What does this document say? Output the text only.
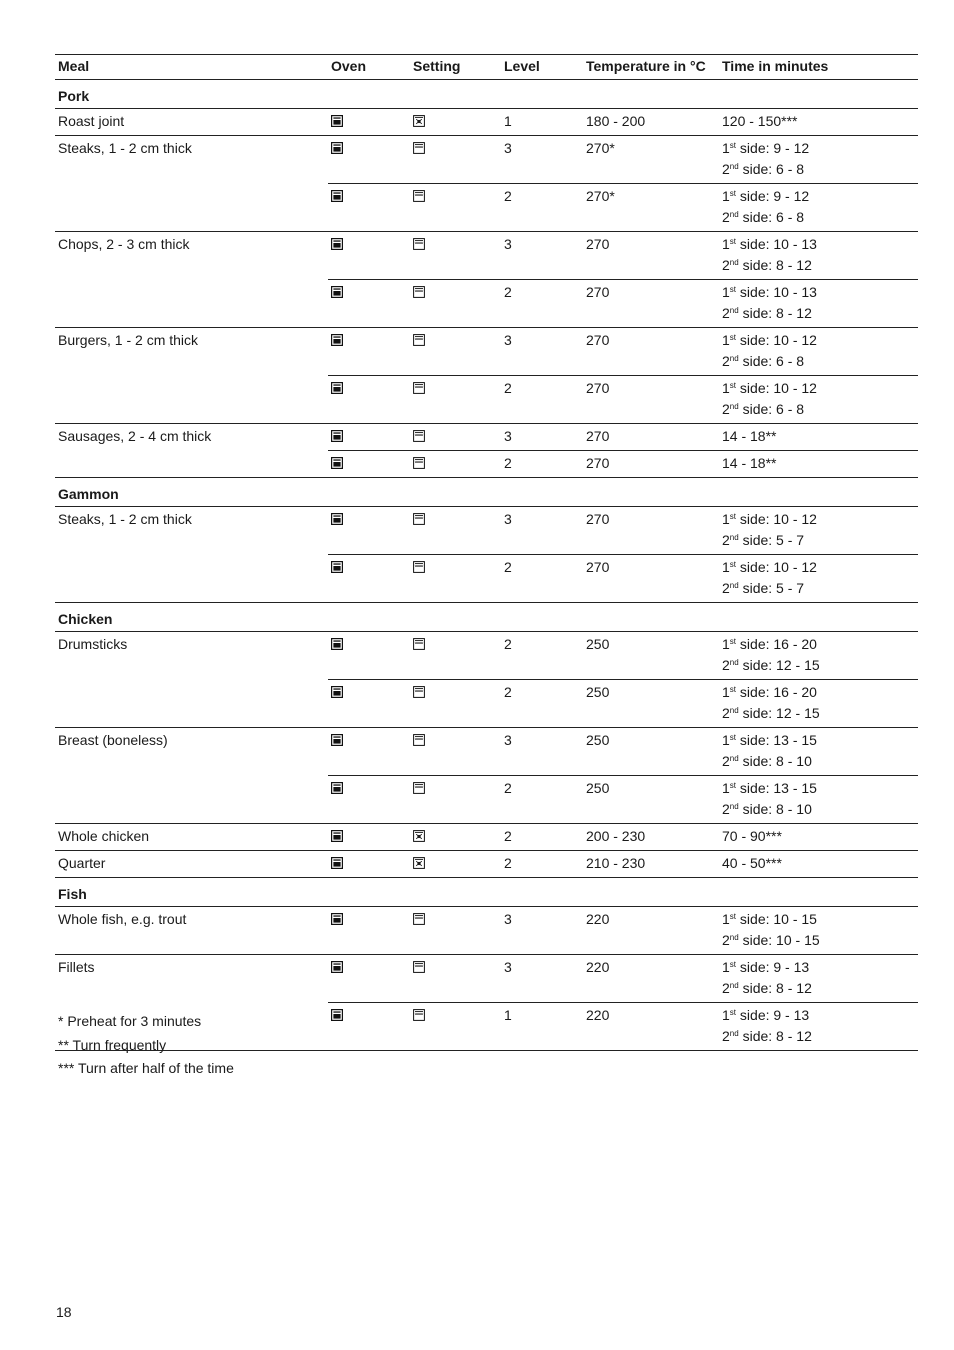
Meal	Oven	Setting	Level	Temperature in °C	Time in minutes
Pork					
Roast joint			1	180 - 200	120 - 150***

Steaks, 1 - 2 cm thick			3	270*	1st side: 9 - 12
2nd side: 6 - 8

			2	270*	1st side: 9 - 12
2nd side: 6 - 8

Chops, 2 - 3 cm thick			3	270	1st side: 10 - 13
2nd side: 8 - 12

			2	270	1st side: 10 - 13
2nd side: 8 - 12

Burgers, 1 - 2 cm thick			3	270	1st side: 10 - 12
2nd side: 6 - 8

			2	270	1st side: 10 - 12
2nd side: 6 - 8

Sausages, 2 - 4 cm thick			3	270	14 - 18**

			2	270	14 - 18**

Gammon					
Steaks, 1 - 2 cm thick			3	270	1st side: 10 - 12
2nd side: 5 - 7

			2	270	1st side: 10 - 12
2nd side: 5 - 7

Chicken					
Drumsticks			2	250	1st side: 16 - 20
2nd side: 12 - 15

			2	250	1st side: 16 - 20
2nd side: 12 - 15

Breast (boneless)			3	250	1st side: 13 - 15
2nd side: 8 - 10

			2	250	1st side: 13 - 15
2nd side: 8 - 10

Whole chicken			2	200 - 230	70 - 90***

Quarter			2	210 - 230	40 - 50***

Fish					
Whole fish, e.g. trout			3	220	1st side: 10 - 15
2nd side: 10 - 15

Fillets			3	220	1st side: 9 - 13
2nd side: 8 - 12

			1	220	1st side: 9 - 13
2nd side: 8 - 12
* Preheat for 3 minutes
** Turn frequently
*** Turn after half of the time
18
